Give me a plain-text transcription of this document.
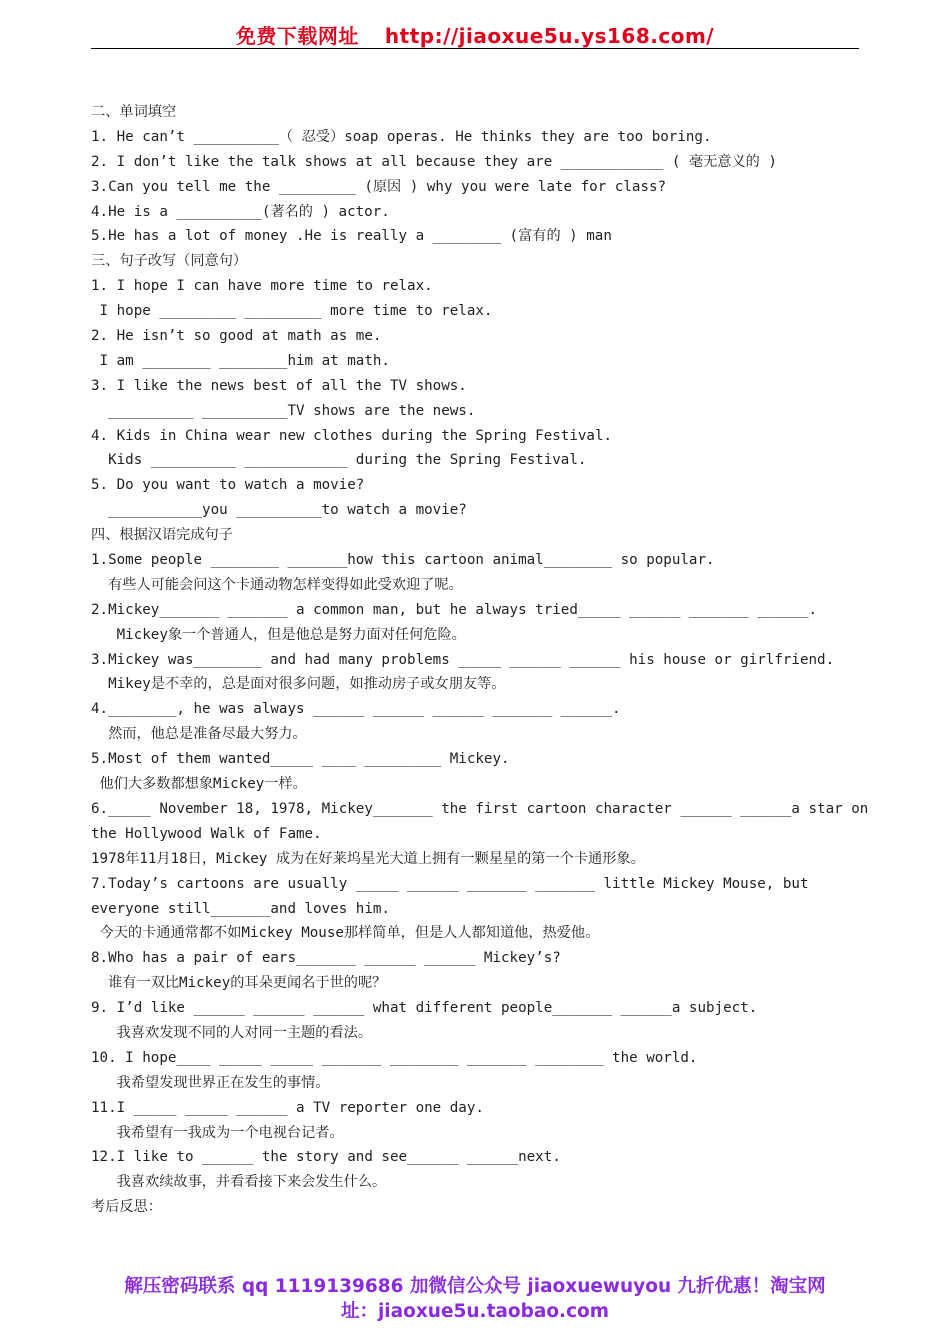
免费下载网址 http://jiaoxue5u.ys168.com/
二、单词填空
1. He can’t __________（ 忍受）soap operas. He thinks they are too boring.
2. I don’t like the talk shows at all because they are ____________ ( 毫无意义的 )
3.Can you tell me the _________ (原因 ) why you were late for class?
4.He is a __________(著名的 ) actor.
5.He has a lot of money .He is really a ________ (富有的 ) man
三、句子改写（同意句）
1. I hope I can have more time to relax.
I hope _________ _________ more time to relax.
2. He isn’t so good at math as me.
I am ________ ________him at math.
3. I like the news best of all the TV shows.
__________ __________TV shows are the news.
4. Kids in China wear new clothes during the Spring Festival.
Kids __________ ____________ during the Spring Festival.
5. Do you want to watch a movie?
___________you __________to watch a movie?
四、根据汉语完成句子
1.Some people ________ _______how this cartoon animal________ so popular.
有些人可能会问这个卡通动物怎样变得如此受欢迎了呢。
2.Mickey_______ _______ a common man, but he always tried_____ ______ _______ ______.
Mickey象一个普通人，但是他总是努力面对任何危险。
3.Mickey was________ and had many problems _____ ______ ______ his house or girlfriend.
Mikey是不幸的，总是面对很多问题，如推动房子或女朋友等。
4.________, he was always ______ ______ ______ _______ ______.
然而，他总是准备尽最大努力。
5.Most of them wanted_____ ____ _________ Mickey.
他们大多数都想象Mickey一样。
6._____ November 18, 1978, Mickey_______ the first cartoon character ______ ______a star on
the Hollywood Walk of Fame.
1978年11月18日，Mickey 成为在好莱坞星光大道上拥有一颗星星的第一个卡通形象。
7.Today’s cartoons are usually _____ ______ _______ _______ little Mickey Mouse, but
everyone still_______and loves him.
今天的卡通通常都不如Mickey Mouse那样简单，但是人人都知道他，热爱他。
8.Who has a pair of ears_______ ______ ______ Mickey’s?
谁有一双比Mickey的耳朵更闻名于世的呢？
9. I’d like ______ ______ ______ what different people_______ ______a subject.
我喜欢发现不同的人对同一主题的看法。
10. I hope____ _____ _____ _______ ________ _______ ________ the world.
我希望发现世界正在发生的事情。
11.I _____ _____ ______ a TV reporter one day.
我希望有一我成为一个电视台记者。
12.I like to ______ the story and see______ ______next.
我喜欢续故事，并看看接下来会发生什么。
考后反思：
解压密码联系 qq 1119139686 加微信公众号 jiaoxuewuyou 九折优惠！淘宝网
址：jiaoxue5u.taobao.com
